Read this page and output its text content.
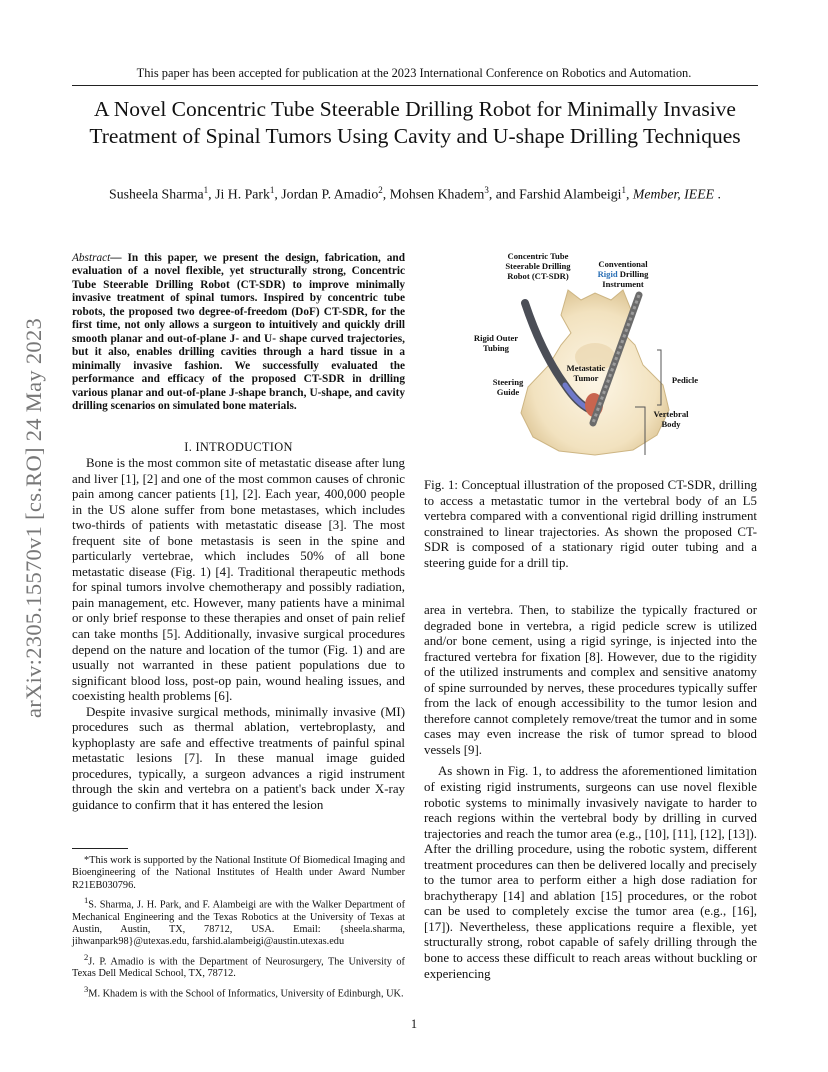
This paper has been accepted for publication at the 2023 International Conference on Robotics and Automation.
A Novel Concentric Tube Steerable Drilling Robot for Minimally Invasive
Treatment of Spinal Tumors Using Cavity and U-shape Drilling Techniques
Susheela Sharma$^1$, Ji H. Park$^1$, Jordan P. Amadio$^2$, Mohsen Khadem$^3$, and Farshid Alambeigi$^1$, Member, IEEE .
arXiv:2305.15570v1 [cs.RO] 24 May 2023
Abstract— In this paper, we present the design, fabrication, and evaluation of a novel flexible, yet structurally strong, Concentric Tube Steerable Drilling Robot (CT-SDR) to improve minimally invasive treatment of spinal tumors. Inspired by concentric tube robots, the proposed two degree-of-freedom (DoF) CT-SDR, for the first time, not only allows a surgeon to intuitively and quickly drill smooth planar and out-of-plane J- and U- shape curved trajectories, but it also, enables drilling cavities through a hard tissue in a minimally invasive fashion. We successfully evaluated the performance and efficacy of the proposed CT-SDR in drilling various planar and out-of-plane J-shape branch, U-shape, and cavity drilling scenarios on simulated bone materials.
I. INTRODUCTION

Bone is the most common site of metastatic disease after lung and liver [1], [2] and one of the most common causes of chronic pain among cancer patients [1], [2]. Each year, 400,000 people in the US alone suffer from bone metastases, which includes two-thirds of patients with metastatic disease [3]. The most frequent site of bone metastasis is seen in the spine and particularly vertebrae, which includes 50% of all bone metastatic disease (Fig. 1) [4]. Traditional therapeutic methods for spinal tumors involve chemotherapy and possibly radiation, pain management, etc. However, many patients have a minimal or only brief response to these therapies and onset of pain relief can take months [5]. Additionally, invasive surgical procedures depend on the nature and location of the tumor (Fig. 1) and are usually not warranted in these patient populations due to significant blood loss, post-op pain, wound healing issues, and coexisting health problems [6].

Despite invasive surgical methods, minimally invasive (MI) procedures such as thermal ablation, vertebroplasty, and kyphoplasty are safe and effective treatments of painful spinal metastatic lesions [7]. In these manual image guided procedures, typically, a surgeon advances a rigid instrument through the skin and vertebra on a patient's back under X-ray guidance to confirm that it has entered the lesion

*This work is supported by the National Institute Of Biomedical Imaging and Bioengineering of the National Institutes of Health under Award Number R21EB030796.

$^1$S. Sharma, J. H. Park, and F. Alambeigi are with the Walker Department of Mechanical Engineering and the Texas Robotics at the University of Texas at Austin, Austin, TX, 78712, USA. Email: {sheela.sharma, jihwanpark98}@utexas.edu, farshid.alambeigi@austin.utexas.edu

$^2$J. P. Amadio is with the Department of Neurosurgery, The University of Texas Dell Medical School, TX, 78712.

$^3$M. Khadem is with the School of Informatics, University of Edinburgh, UK.

Concentric Tube Steerable Drilling Robot (CT-SDR)
Conventional
Rigid Drilling Instrument
Rigid Outer Tubing
Metastatic Tumor
Steering Guide
Pedicle
Vertebral Body
Fig. 1: Conceptual illustration of the proposed CT-SDR, drilling to access a metastatic tumor in the vertebral body of an L5 vertebra compared with a conventional rigid drilling instrument constrained to linear trajectories. As shown the proposed CT-SDR is composed of a stationary rigid outer tubing and a steering guide for a drill tip.

area in vertebra. Then, to stabilize the typically fractured or degraded bone in vertebra, a rigid pedicle screw is utilized and/or bone cement, using a rigid syringe, is injected into the fractured vertebra for fixation [8]. However, due to the rigidity of the utilized instruments and complex and sensitive anatomy of spine surrounded by nerves, these procedures typically suffer from the lack of enough accessibility to the tumor lesion and therefore cannot completely remove/treat the tumor and in some cases may even increase the risk of tumor spread to blood vessels [9].

As shown in Fig. 1, to address the aforementioned limitation of existing rigid instruments, surgeons can use novel flexible robotic systems to minimally invasively navigate to harder to reach regions within the vertebral body by drilling in curved trajectories and reach the tumor area (e.g., [10], [11], [12], [13]). After the drilling procedure, using the robotic system, different treatment procedures can then be delivered locally and precisely to the tumor area to perform either a high dose radiation for brachytherapy [14] and ablation [15] procedures, or the robot can be used to completely excise the tumor area (e.g., [16], [17]). Nevertheless, these applications require a flexible, yet structurally strong, robot capable of safely drilling through the bone to access these difficult to reach areas without buckling or experiencing

1
